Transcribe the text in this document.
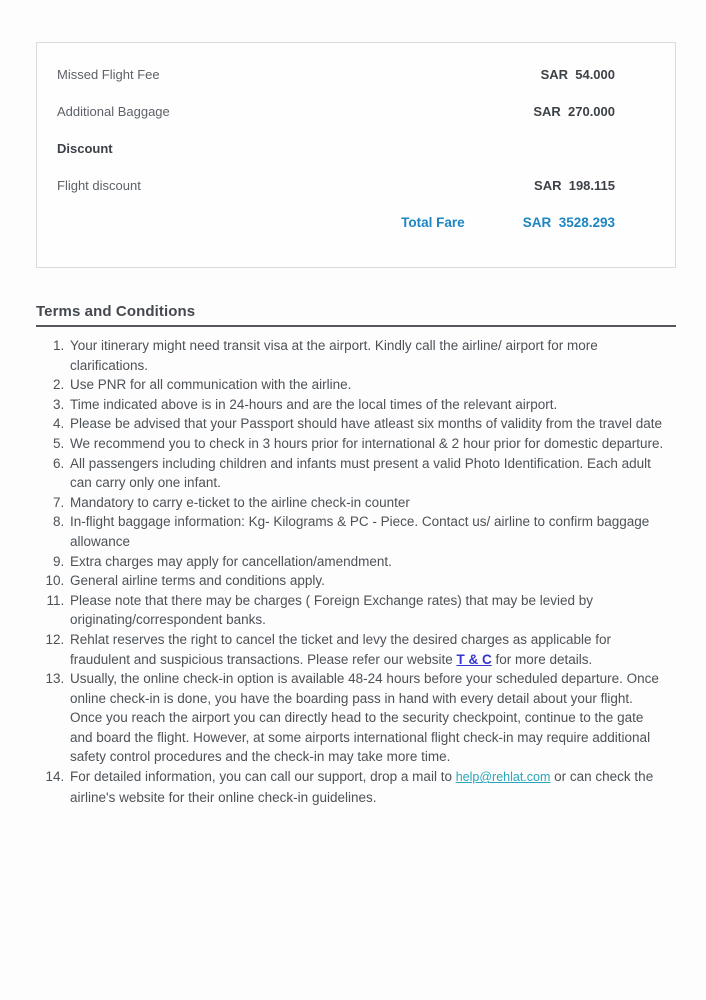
Missed Flight Fee	SAR  54.000
Additional Baggage	SAR  270.000
Discount
Flight discount	SAR  198.115
Total Fare	SAR  3528.293
Terms and Conditions
1. Your itinerary might need transit visa at the airport. Kindly call the airline/ airport for more clarifications.
2. Use PNR for all communication with the airline.
3. Time indicated above is in 24-hours and are the local times of the relevant airport.
4. Please be advised that your Passport should have atleast six months of validity from the travel date
5. We recommend you to check in 3 hours prior for international & 2 hour prior for domestic departure.
6. All passengers including children and infants must present a valid Photo Identification. Each adult can carry only one infant.
7. Mandatory to carry e-ticket to the airline check-in counter
8. In-flight baggage information: Kg- Kilograms & PC - Piece. Contact us/ airline to confirm baggage allowance
9. Extra charges may apply for cancellation/amendment.
10. General airline terms and conditions apply.
11. Please note that there may be charges ( Foreign Exchange rates) that may be levied by originating/correspondent banks.
12. Rehlat reserves the right to cancel the ticket and levy the desired charges as applicable for fraudulent and suspicious transactions. Please refer our website T & C for more details.
13. Usually, the online check-in option is available 48-24 hours before your scheduled departure. Once online check-in is done, you have the boarding pass in hand with every detail about your flight. Once you reach the airport you can directly head to the security checkpoint, continue to the gate and board the flight. However, at some airports international flight check-in may require additional safety control procedures and the check-in may take more time.
14. For detailed information, you can call our support, drop a mail to help@rehlat.com or can check the airline's website for their online check-in guidelines.
